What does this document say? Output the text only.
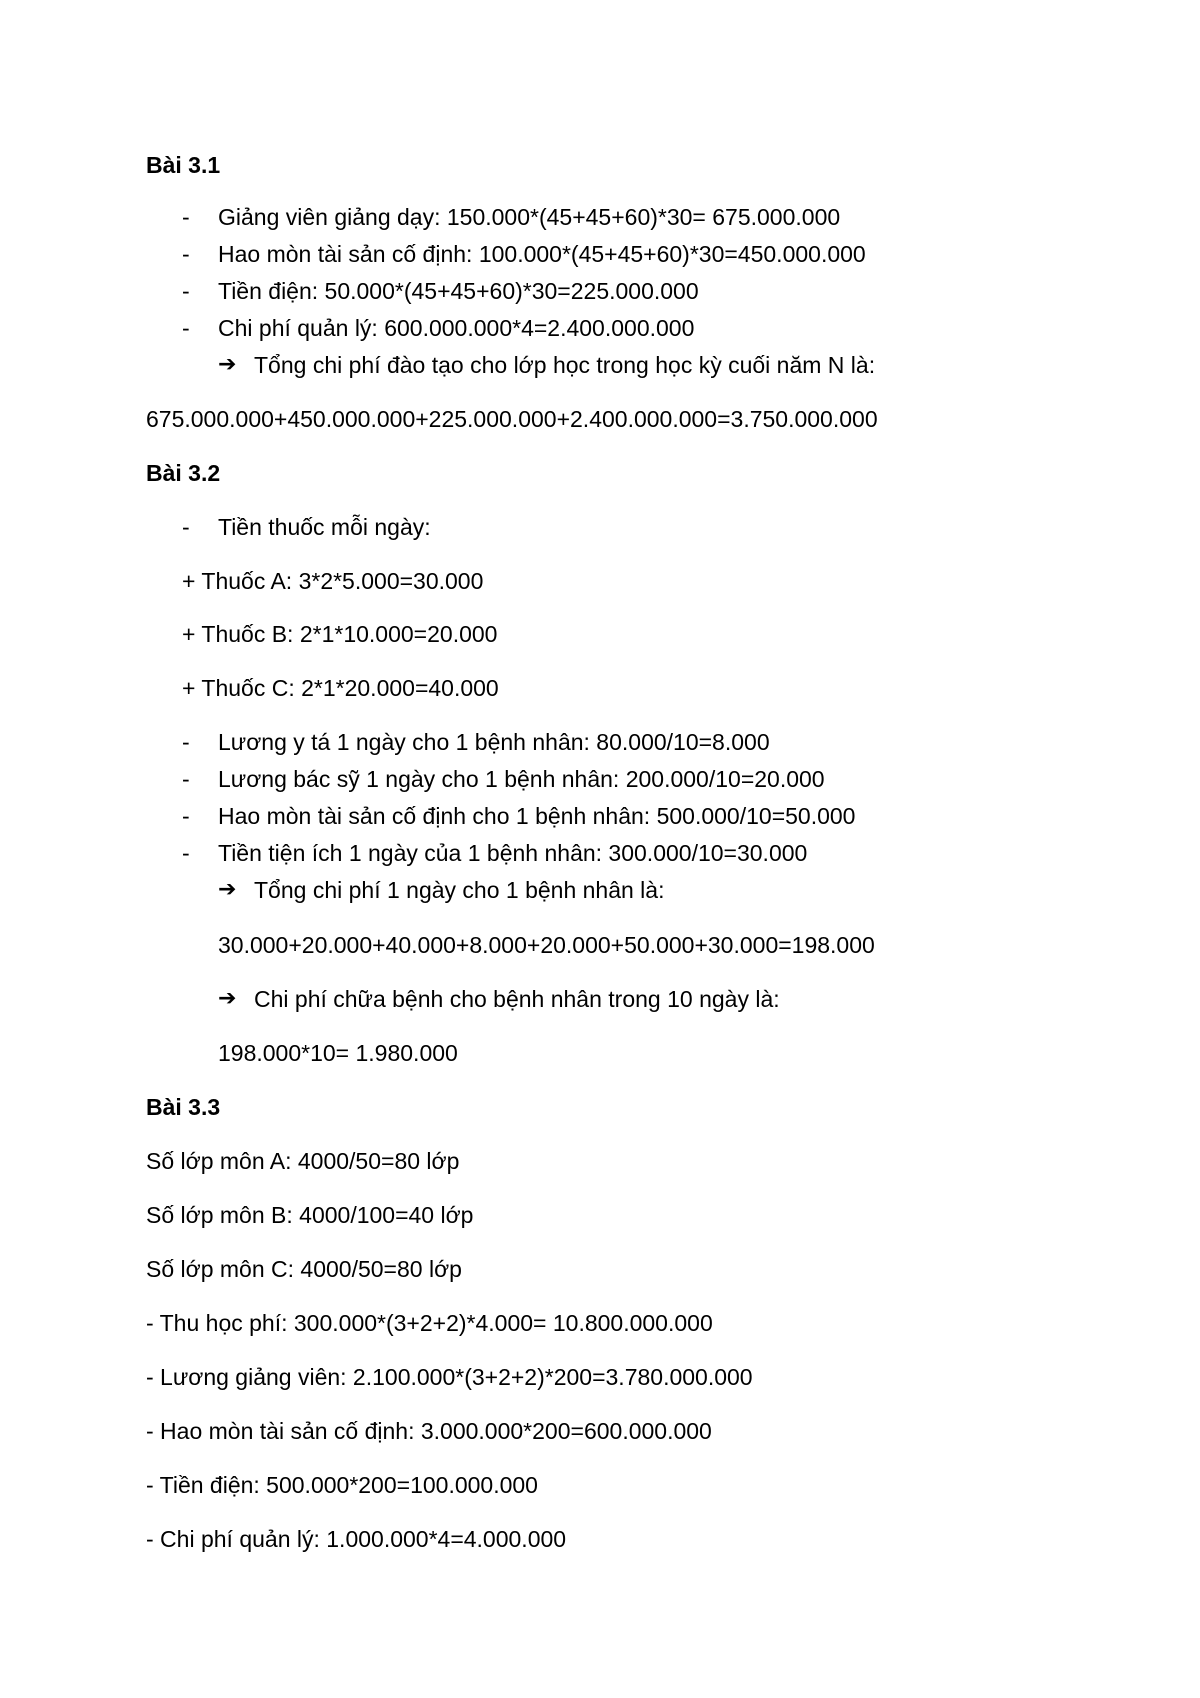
Bài 3.1
- Giảng viên giảng dạy: 150.000*(45+45+60)*30= 675.000.000
- Hao mòn tài sản cố định: 100.000*(45+45+60)*30=450.000.000
- Tiền điện: 50.000*(45+45+60)*30=225.000.000
- Chi phí quản lý: 600.000.000*4=2.400.000.000
➔ Tổng chi phí đào tạo cho lớp học trong học kỳ cuối năm N là:
675.000.000+450.000.000+225.000.000+2.400.000.000=3.750.000.000
Bài 3.2
- Tiền thuốc mỗi ngày:
+ Thuốc A: 3*2*5.000=30.000
+ Thuốc B: 2*1*10.000=20.000
+ Thuốc C: 2*1*20.000=40.000
- Lương y tá 1 ngày cho 1 bệnh nhân: 80.000/10=8.000
- Lương bác sỹ 1 ngày cho 1 bệnh nhân: 200.000/10=20.000
- Hao mòn tài sản cố định cho 1 bệnh nhân: 500.000/10=50.000
- Tiền tiện ích 1 ngày của 1 bệnh nhân: 300.000/10=30.000
➔ Tổng chi phí 1 ngày cho 1 bệnh nhân là:
30.000+20.000+40.000+8.000+20.000+50.000+30.000=198.000
➔ Chi phí chữa bệnh cho bệnh nhân trong 10 ngày là:
198.000*10= 1.980.000
Bài 3.3
Số lớp môn A: 4000/50=80 lớp
Số lớp môn B: 4000/100=40 lớp
Số lớp môn C: 4000/50=80 lớp
- Thu học phí: 300.000*(3+2+2)*4.000= 10.800.000.000
- Lương giảng viên: 2.100.000*(3+2+2)*200=3.780.000.000
- Hao mòn tài sản cố định: 3.000.000*200=600.000.000
- Tiền điện: 500.000*200=100.000.000
- Chi phí quản lý: 1.000.000*4=4.000.000
